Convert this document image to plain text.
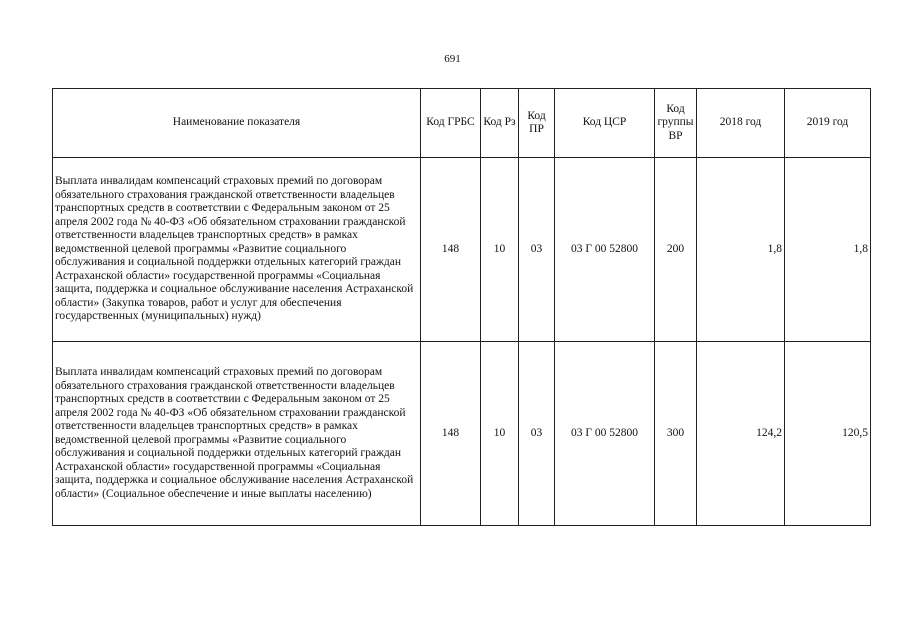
691
Наименование показателя	Код ГРБС	Код Рз	Код ПР	Код ЦСР	Код группы ВР	2018 год	2019 год
Выплата инвалидам компенсаций страховых премий по договорам обязательного страхования гражданской ответственности владельцев транспортных средств в соответствии с Федеральным законом от 25 апреля 2002 года № 40-ФЗ «Об обязательном страховании гражданской ответственности владельцев транспортных средств» в рамках ведомственной целевой программы «Развитие социального обслуживания и социальной поддержки отдельных категорий граждан Астраханской области» государственной программы «Социальная защита, поддержка и социальное обслуживание населения Астраханской области» (Закупка товаров, работ и услуг для обеспечения государственных (муниципальных) нужд)	148	10	03	03 Г 00 52800	200	1,8	1,8
Выплата инвалидам компенсаций страховых премий по договорам обязательного страхования гражданской ответственности владельцев транспортных средств в соответствии с Федеральным законом от 25 апреля 2002 года № 40-ФЗ «Об обязательном страховании гражданской ответственности владельцев транспортных средств» в рамках ведомственной целевой программы «Развитие социального обслуживания и социальной поддержки отдельных категорий граждан Астраханской области» государственной программы «Социальная защита, поддержка и социальное обслуживание населения Астраханской области» (Социальное обеспечение и иные выплаты населению)	148	10	03	03 Г 00 52800	300	124,2	120,5
